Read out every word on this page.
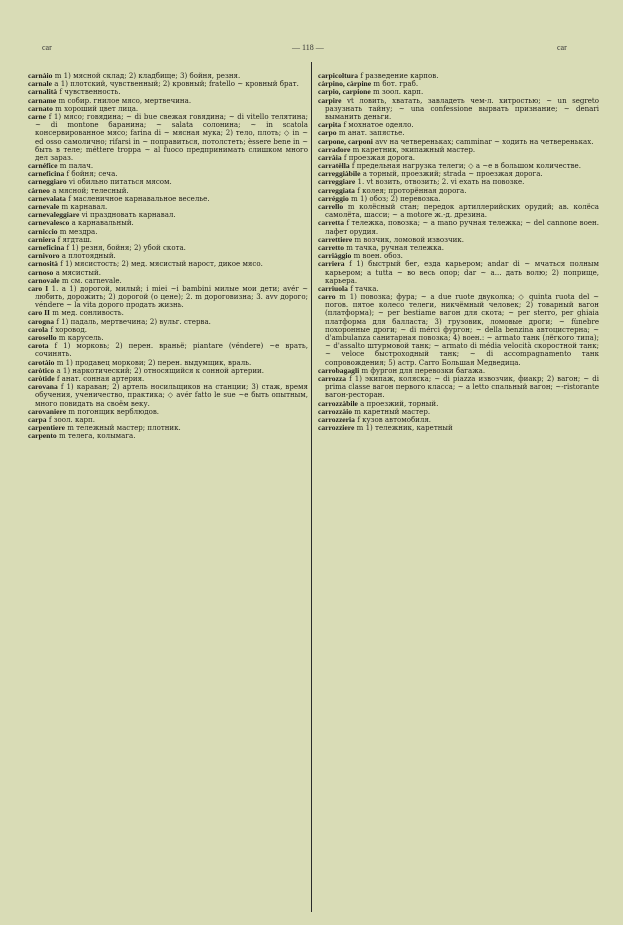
car	— 118 —	car
carnàio m 1) мясной склад; 2) кладбище; 3) бойня, резня.
carnale a 1) плотский, чувственный; 2) кровный; fratello ~ кровный брат.
carnalità f чувственность.
carname m собир. гнилое мясо, мертвечина.
carnato m хороший цвет лица.
carne f 1) мясо; говядина; ~ di bue свежая говядина; ~ di vitello телятина; ~ di montone баранина; ~ salata солонина; ~ in scatola консервированное мясо; farina di ~ мясная мука; 2) тело, плоть; ◇ in ~ ed osso самолично; rifarsi in ~ поправиться, потолстеть; èssere bene in ~ быть в теле; méttere troppa ~ al fuoco предпринимать слишком много дел зараз.
carnéfice m палач.
carneficina f бойня; сеча.
carneggiaro vi обильно питаться мясом.
càrneo a мясной; телесный.
carnevalata f масленичное карнавальное веселье.
carnevale m карнавал.
carnevaleggiare vi праздновать карнавал.
carnevalesco a карнавальный.
carniccio m мездра.
carniera f ягдташ.
carneficina f 1) резня, бойня; 2) убой скота.
carnivoro a плотоядный.
carnosità f 1) мясистость; 2) мед. мясистый нарост, дикое мясо.
carnoso a мясистый.
carnovale m см. carnevale.
caro I 1. a 1) дорогой, милый; i miei ~i bambini милые мои дети; avér ~ любить, дорожить; 2) дорогой (о цене); 2. m дороговизна; 3. avv дорого; véndere ~ la vita дорого продать жизнь.
caro II m мед. сонливость.
carogna f 1) падаль, мертвечина; 2) вульг. стерва.
carola f хоровод.
carosello m карусель.
carota f 1) морковь; 2) перен. враньё; piantare (véndere) ~e врать, сочинять.
carotàio m 1) продавец моркови; 2) перен. выдумщик, враль.
caròtico a 1) наркотический; 2) относящийся к сонной артерии.
caròtide f анат. сонная артерия.
carovana f 1) караван; 2) артель носильщиков на станции; 3) стаж, время обучения, ученичество, практика; ◇ avér fatto le sue ~e быть опытным, много повидать на своём веку.
carovaniere m погонщик верблюдов.
carpa f зоол. карп.
carpentiere m тележный мастер; плотник.
carpento m телега, колымага.
carpicoltura f разведение карпов.
càrpino, càrpine m бот. граб.
carpio, carpione m зоол. карп.
carpire vt ловить, хватать, завладеть чем-л. хитростью; ~ un segreto разузнать тайну; ~ una confessione вырвать признание; ~ denari выманить деньги.
carpita f мохнатое одеяло.
carpo m анат. запястье.
carpone, carponi avv на четвереньках; camminar ~ ходить на четвереньках.
carradore m каретник, экипажный мастер.
carràia f проезжая дорога.
carratèlla f предельная нагрузка телеги; ◇ a ~e в большом количестве.
carreggiàbile a торный, проезжий; strada ~ проезжая дорога.
carreggiare 1. vt возить, отвозить; 2. vi ехать на повозке.
carreggiata f колея; проторённая дорога.
carréggio m 1) обоз; 2) перевозка.
carrello m колёсный стан; передок артиллерийских орудий; ав. колёса самолёта, шасси; ~ a motore ж.-д. дрезина.
carretta f тележка, повозка; ~ a mano ручная тележка; ~ del cannone воен. лафет орудия.
carrettiere m возчик, ломовой извозчик.
carretto m тачка, ручная тележка.
carriàggio m воен. обоз.
carriera f 1) быстрый бег, езда карьером; andar di ~ мчаться полным карьером; a tutta ~ во весь опор; dar ~ a... дать волю; 2) поприще, карьера.
carriuola f тачка.
carro m 1) повозка; фура; ~ a due ruote двуколка; ◇ quinta ruota del ~ погов. пятое колесо телеги, никчёмный человек; 2) товарный вагон (платформа); ~ per bestiame вагон для скота; ~ per sterro, per ghiaia платформа для балласта; 3) грузовик, ломовые дроги; ~ fùnebre похоронные дроги; ~ di mérci фургон; ~ della benzina автоцистерна; ~ d'ambulanza санитарная повозка; 4) воен.: ~ armato танк (лёгкого типа); ~ d'assalto штурмовой танк; ~ armato di média velocità скоростной танк; ~ veloce быстроходный танк; ~ di accompagnamento танк сопровождения; 5) астр. Carro Большая Медведица.
carrobagagli m фургон для перевозки багажа.
carrozza f 1) экипаж, коляска; ~ di piazza извозчик, фиакр; 2) вагон; ~ di prima classe вагон первого класса; ~ a letto спальный вагон; ~-ristorante вагон-ресторан.
carrozzàbile a проезжий, торный.
carrozzàio m каретный мастер.
carrozzeria f кузов автомобиля.
carrozziere m 1) тележник, каретный
